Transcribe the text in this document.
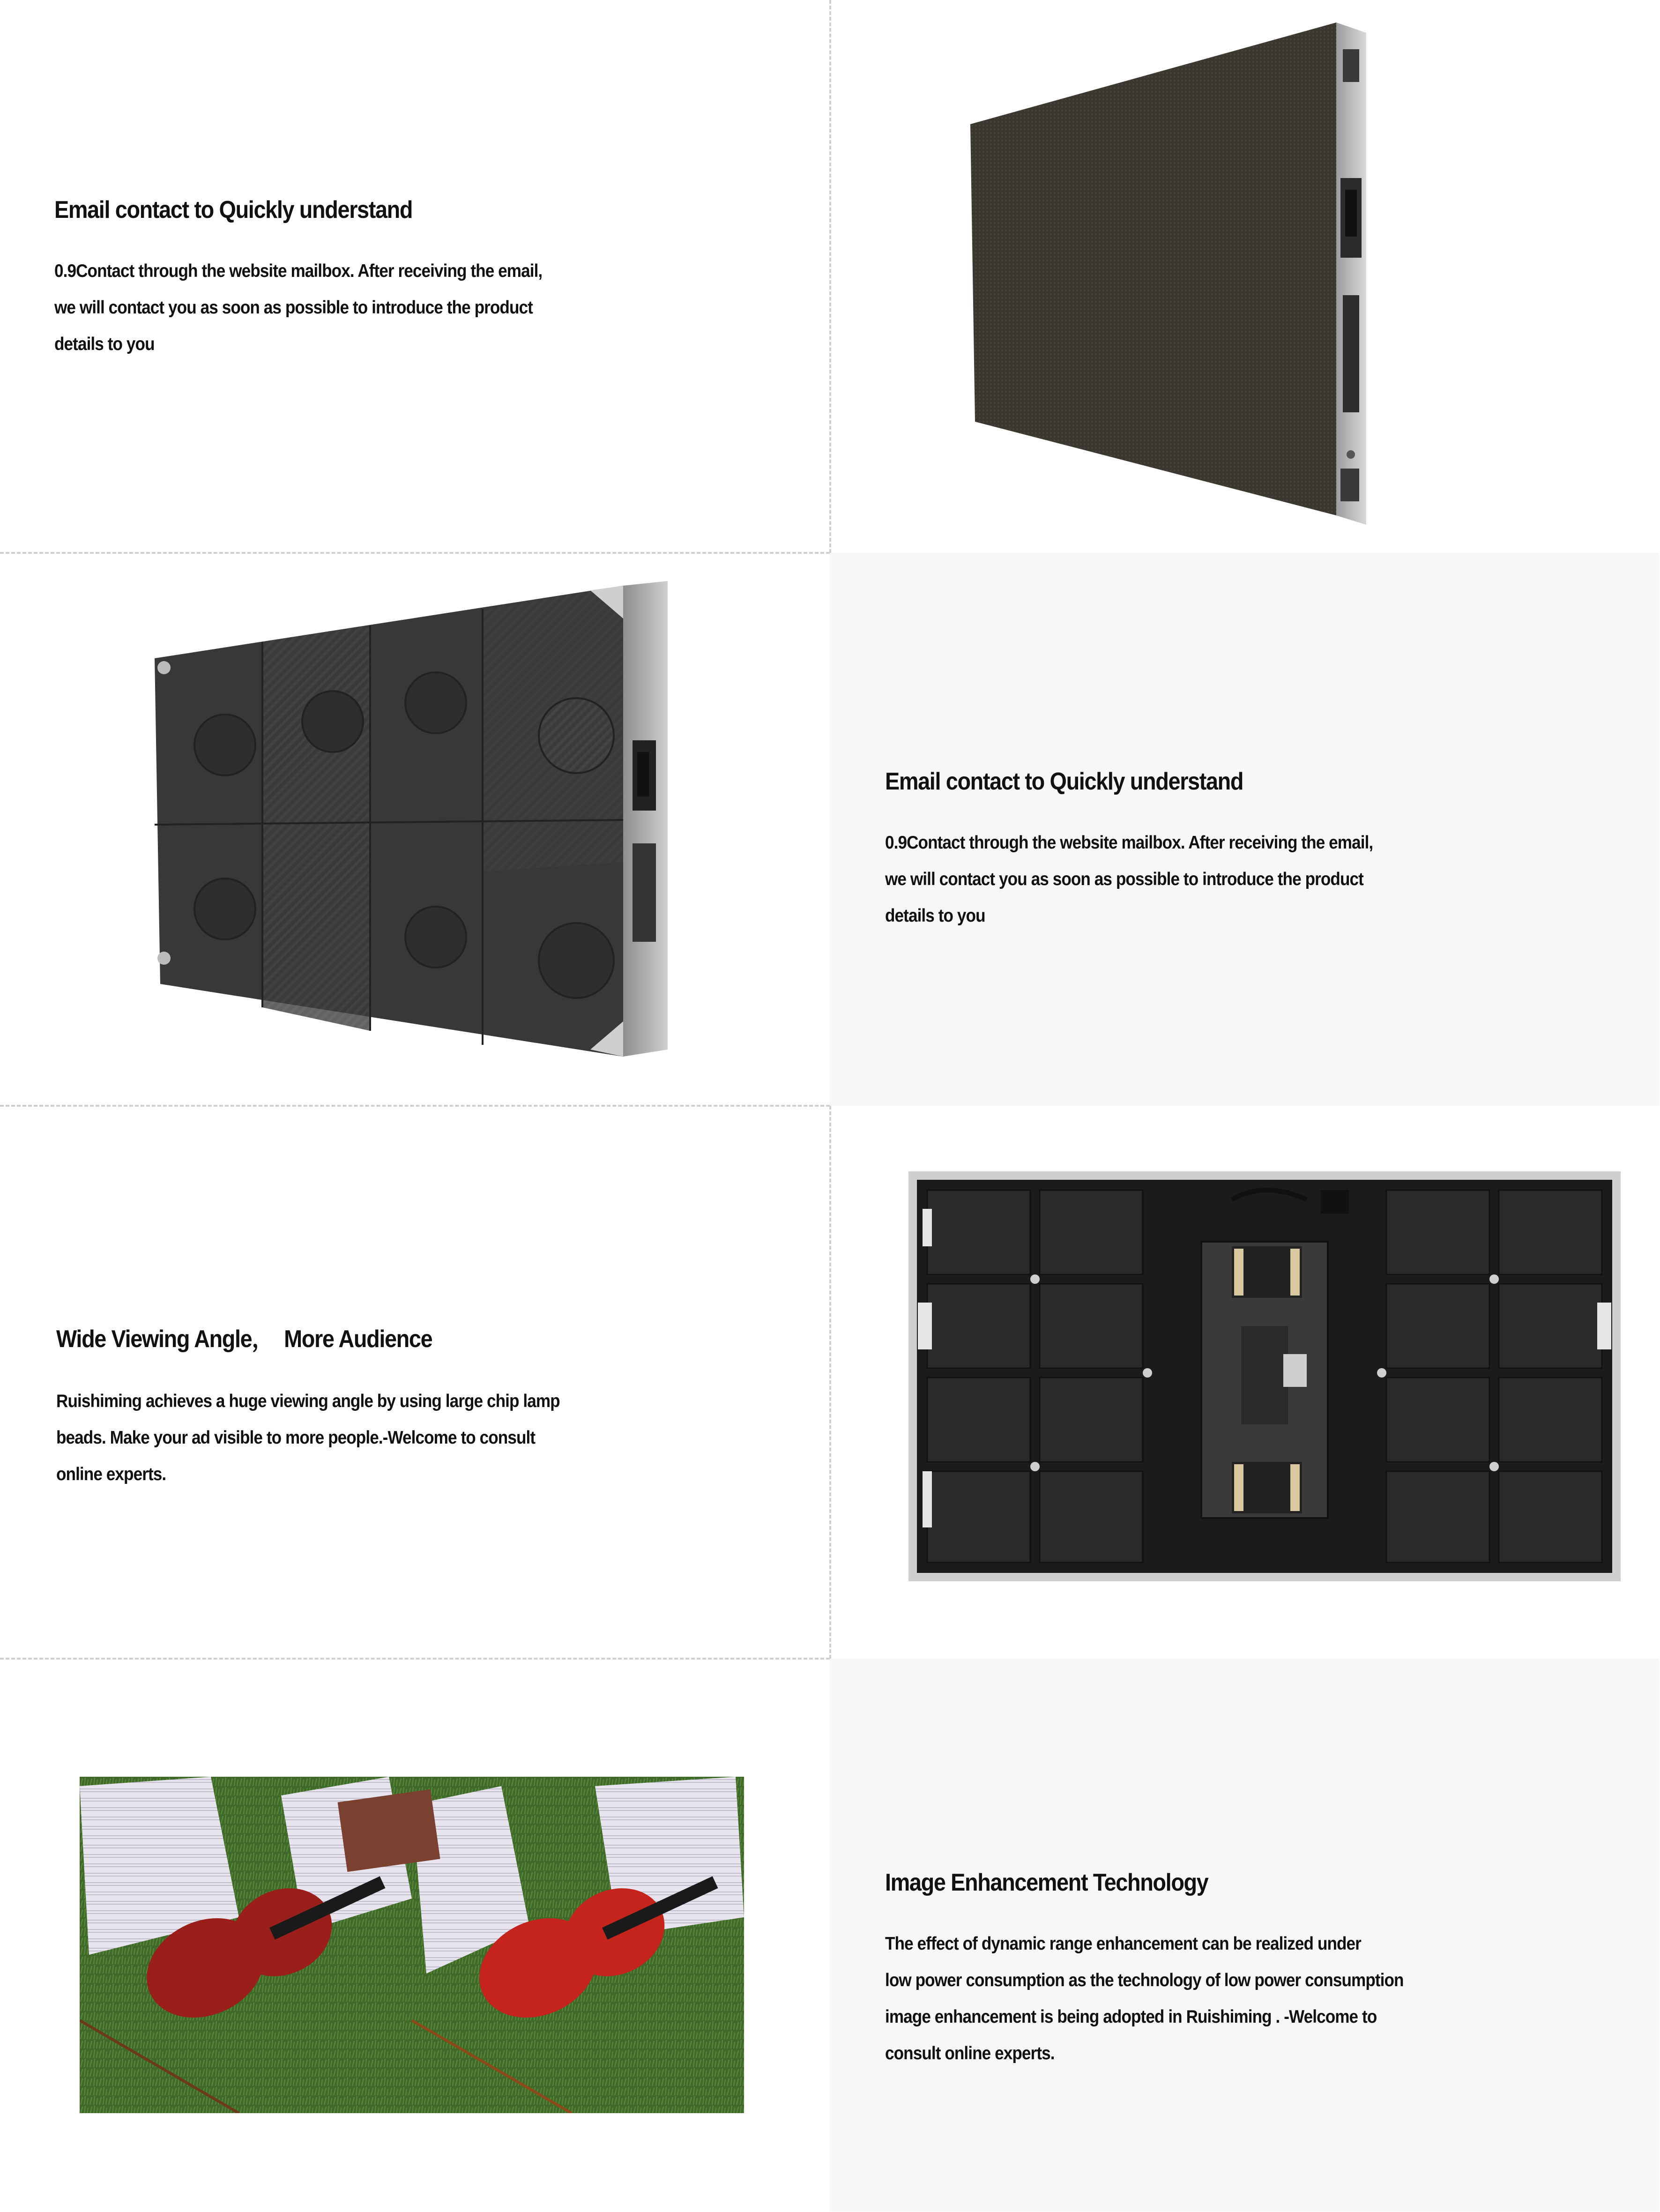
Email contact to Quickly understand
0.9Contact through the website mailbox. After receiving the email,
we will contact you as soon as possible to introduce the product
details to you
Email contact to Quickly understand
0.9Contact through the website mailbox. After receiving the email,
we will contact you as soon as possible to introduce the product
details to you
Wide Viewing Angle，  More Audience
Ruishiming achieves a huge viewing angle by using large chip lamp
beads. Make your ad visible to more people.-Welcome to consult
online experts.
Image Enhancement Technology
The effect of dynamic range enhancement can be realized under
low power consumption as the technology of low power consumption
image enhancement is being adopted in Ruishiming . -Welcome to
consult online experts.
